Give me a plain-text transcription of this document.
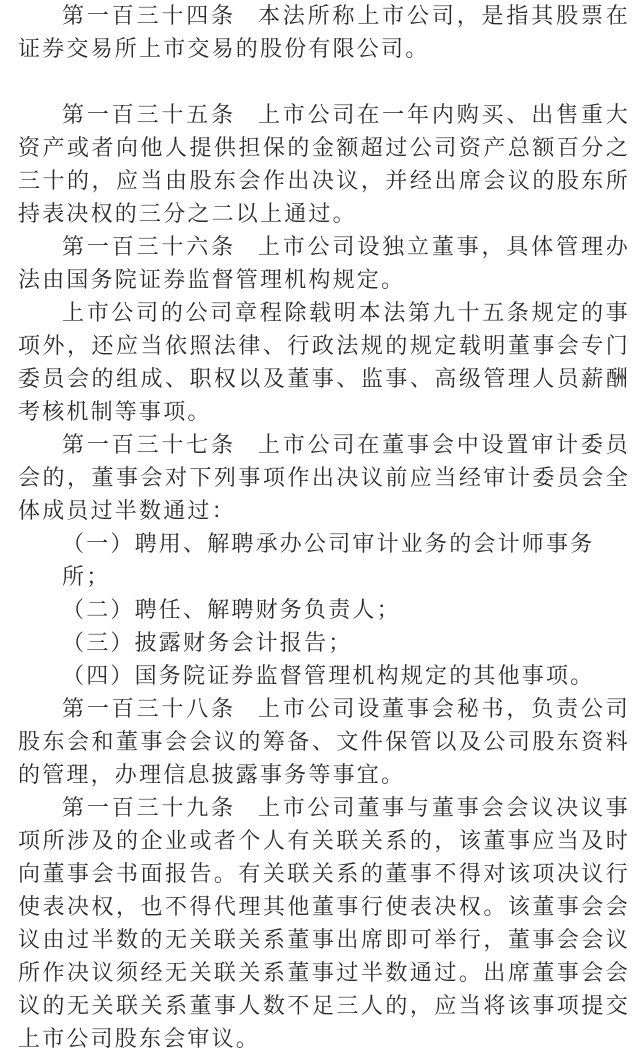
第一百三十四条 本法所称上市公司，是指其股票在证券交易所上市交易的股份有限公司。

第一百三十五条 上市公司在一年内购买、出售重大资产或者向他人提供担保的金额超过公司资产总额百分之三十的，应当由股东会作出决议，并经出席会议的股东所持表决权的三分之二以上通过。

第一百三十六条 上市公司设独立董事，具体管理办法由国务院证券监督管理机构规定。

上市公司的公司章程除载明本法第九十五条规定的事项外，还应当依照法律、行政法规的规定载明董事会专门委员会的组成、职权以及董事、监事、高级管理人员薪酬考核机制等事项。

第一百三十七条 上市公司在董事会中设置审计委员会的，董事会对下列事项作出决议前应当经审计委员会全体成员过半数通过：

（一）聘用、解聘承办公司审计业务的会计师事务所；

（二）聘任、解聘财务负责人；

（三）披露财务会计报告；

（四）国务院证券监督管理机构规定的其他事项。

第一百三十八条 上市公司设董事会秘书，负责公司股东会和董事会会议的筹备、文件保管以及公司股东资料的管理，办理信息披露事务等事宜。

第一百三十九条 上市公司董事与董事会会议决议事项所涉及的企业或者个人有关联关系的，该董事应当及时向董事会书面报告。有关联关系的董事不得对该项决议行使表决权，也不得代理其他董事行使表决权。该董事会会议由过半数的无关联关系董事出席即可举行，董事会会议所作决议须经无关联关系董事过半数通过。出席董事会会议的无关联关系董事人数不足三人的，应当将该事项提交上市公司股东会审议。
